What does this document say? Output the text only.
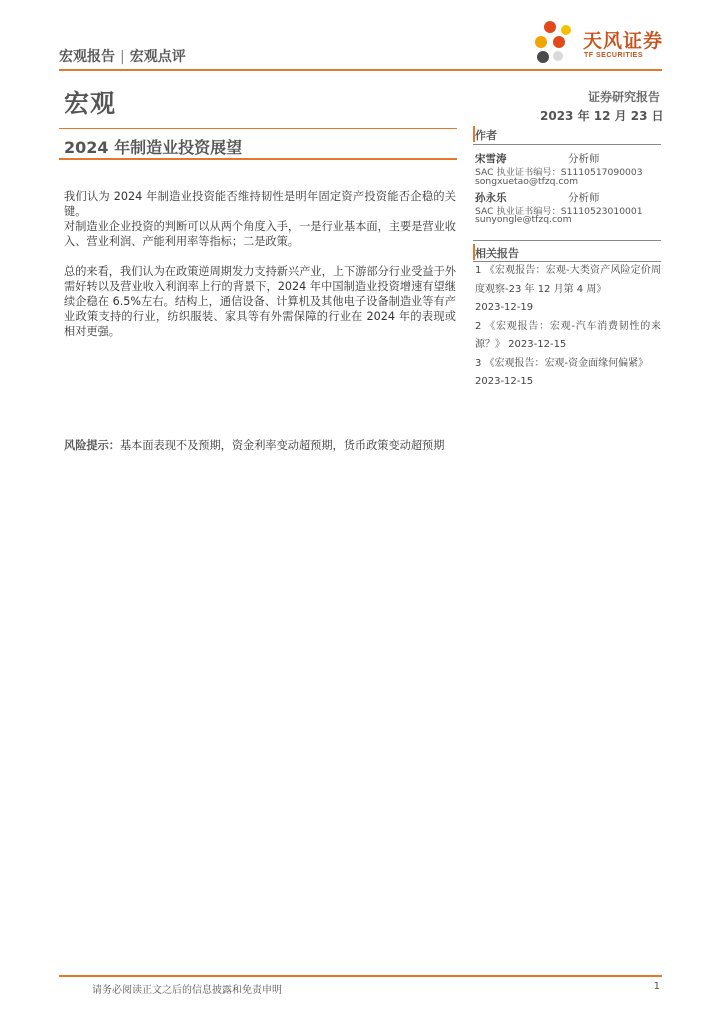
宏观报告 | 宏观点评
天风证券
TF SECURITIES
宏观	证券研究报告
2023 年 12 月 23 日
2024 年制造业投资展望
我们认为 2024 年制造业投资能否维持韧性是明年固定资产投资能否企稳的关键。
对制造业企业投资的判断可以从两个角度入手，一是行业基本面，主要是营业收入、营业利润、产能利用率等指标；二是政策。
总的来看，我们认为在政策逆周期发力支持新兴产业，上下游部分行业受益于外需好转以及营业收入利润率上行的背景下，2024 年中国制造业投资增速有望继续企稳在 6.5%左右。结构上，通信设备、计算机及其他电子设备制造业等有产业政策支持的行业，纺织服装、家具等有外需保障的行业在 2024 年的表现或相对更强。
风险提示：基本面表现不及预期，资金利率变动超预期，货币政策变动超预期
作者
宋雪涛	分析师
SAC 执业证书编号：S1110517090003
songxuetao@tfzq.com
孙永乐	分析师
SAC 执业证书编号：S1110523010001
sunyongle@tfzq.com
相关报告
1 《宏观报告：宏观-大类资产风险定价周度观察-23 年 12 月第 4 周》
2023-12-19
2 《宏观报告：宏观-汽车消费韧性的来源？》 2023-12-15
3 《宏观报告：宏观-资金面缘何偏紧》
2023-12-15
请务必阅读正文之后的信息披露和免责申明	1
